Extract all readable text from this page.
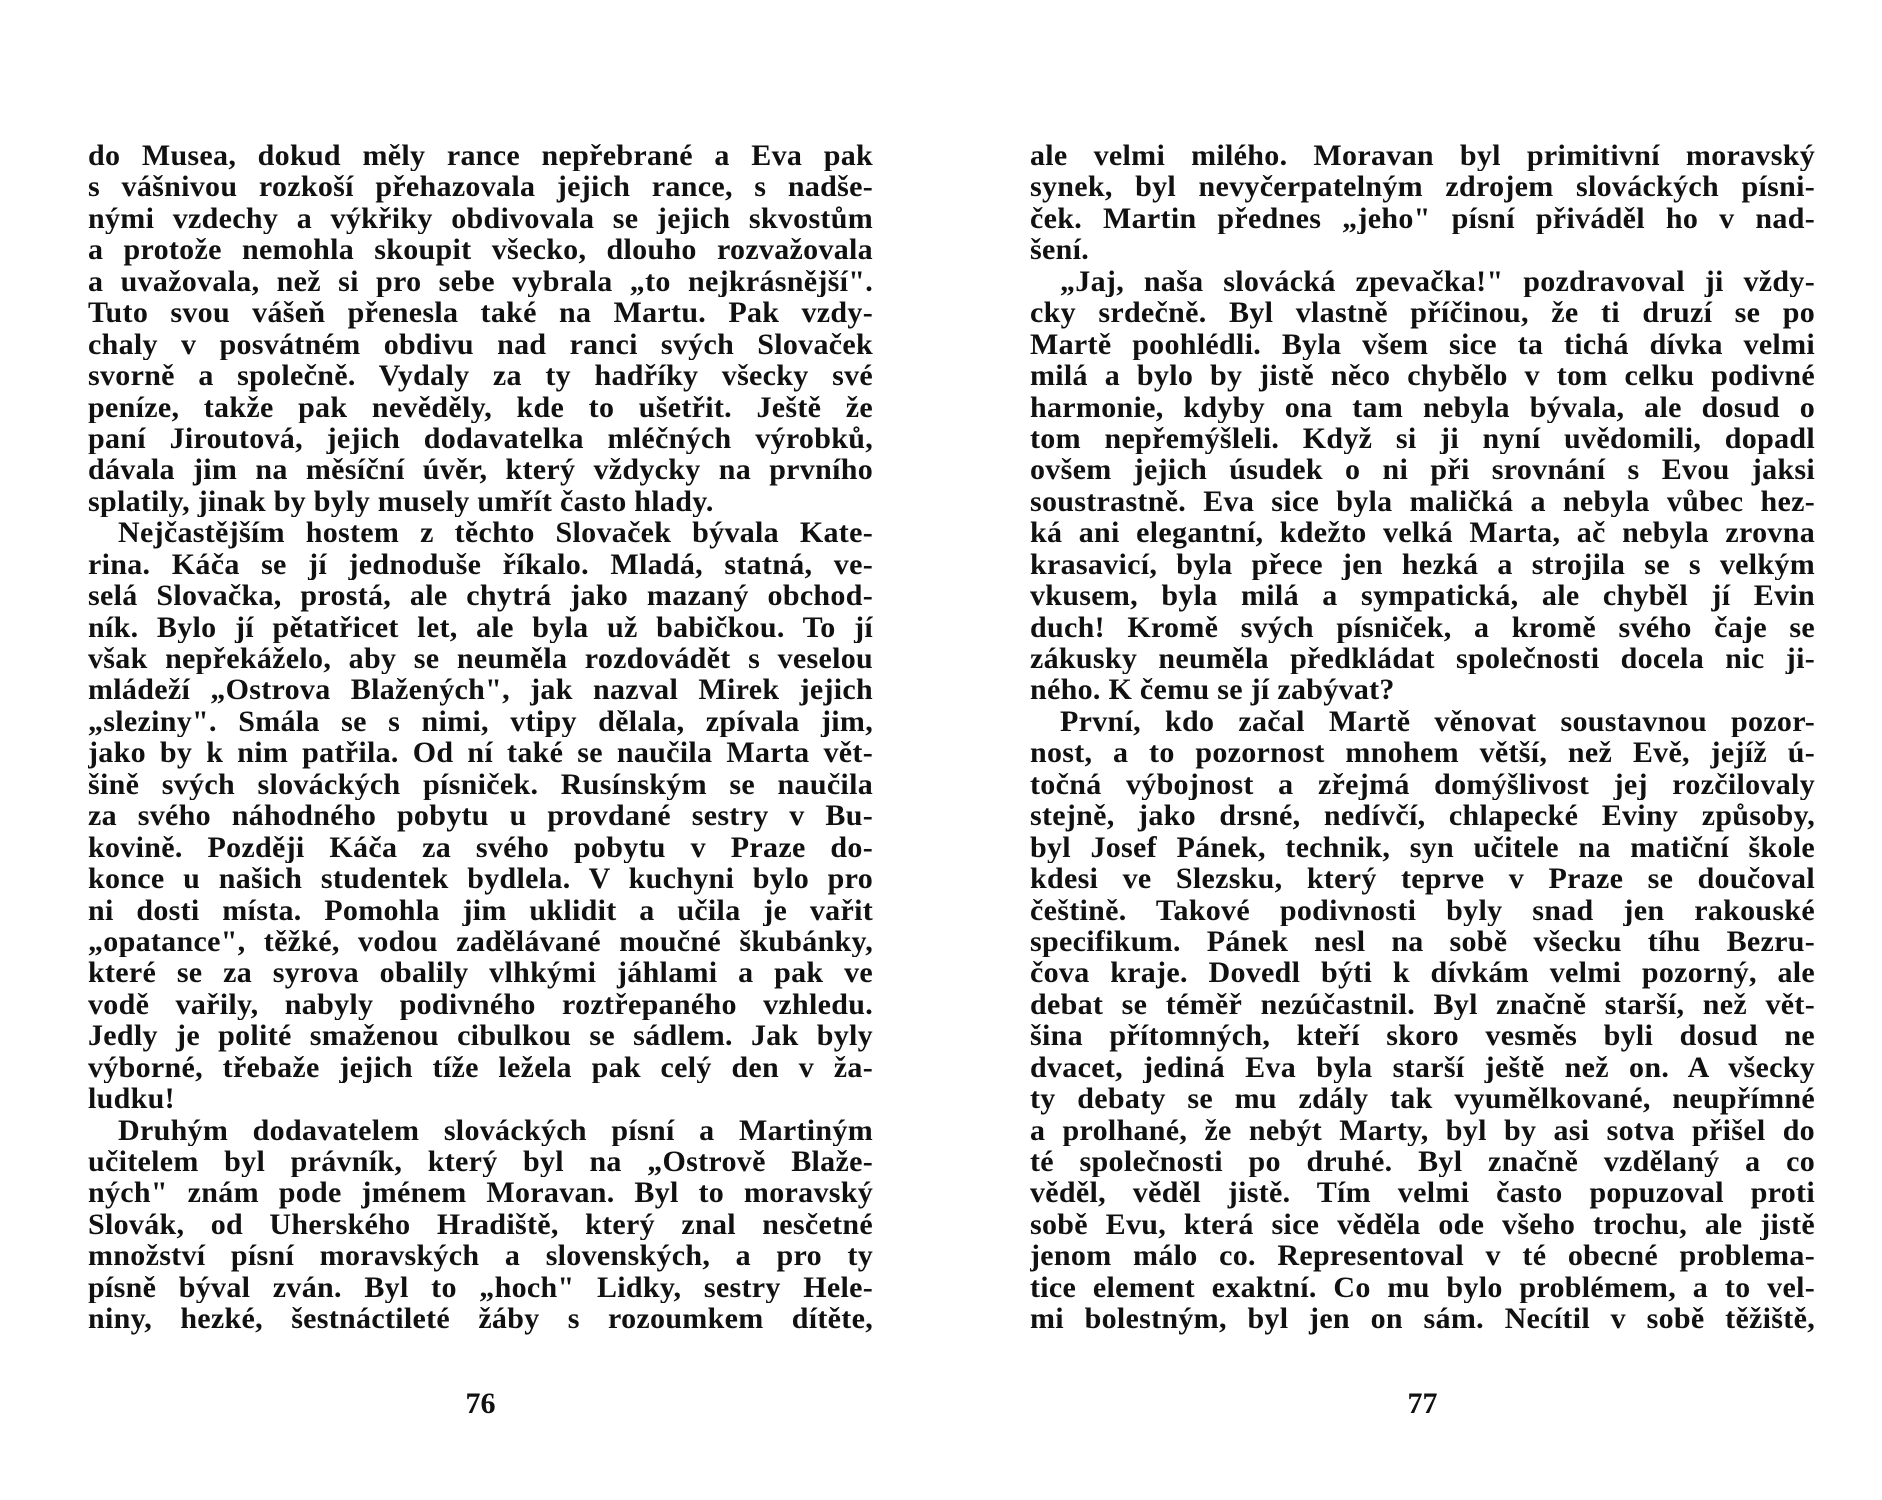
do Musea, dokud měly rance nepřebrané a Eva pak
s vášnivou rozkoší přehazovala jejich rance, s nadše-
nými vzdechy a výkřiky obdivovala se jejich skvostům
a protože nemohla skoupit všecko, dlouho rozvažovala
a uvažovala, než si pro sebe vybrala „to nejkrásnější".
Tuto svou vášeň přenesla také na Martu. Pak vzdy-
chaly v posvátném obdivu nad ranci svých Slovaček
svorně a společně. Vydaly za ty hadříky všecky své
peníze, takže pak nevěděly, kde to ušetřit. Ještě že
paní Jiroutová, jejich dodavatelka mléčných výrobků,
dávala jim na měsíční úvěr, který vždycky na prvního
splatily, jinak by byly musely umřít často hlady.
Nejčastějším hostem z těchto Slovaček bývala Kate-
rina. Káča se jí jednoduše říkalo. Mladá, statná, ve-
selá Slovačka, prostá, ale chytrá jako mazaný obchod-
ník. Bylo jí pětatřicet let, ale byla už babičkou. To jí
však nepřekáželo, aby se neuměla rozdovádět s veselou
mládeží „Ostrova Blažených", jak nazval Mirek jejich
„sleziny". Smála se s nimi, vtipy dělala, zpívala jim,
jako by k nim patřila. Od ní také se naučila Marta vět-
šině svých slováckých písniček. Rusínským se naučila
za svého náhodného pobytu u provdané sestry v Bu-
kovině. Později Káča za svého pobytu v Praze do-
konce u našich studentek bydlela. V kuchyni bylo pro
ni dosti místa. Pomohla jim uklidit a učila je vařit
„opatance", těžké, vodou zadělávané moučné škubánky,
které se za syrova obalily vlhkými jáhlami a pak ve
vodě vařily, nabyly podivného roztřepaného vzhledu.
Jedly je polité smaženou cibulkou se sádlem. Jak byly
výborné, třebaže jejich tíže ležela pak celý den v ža-
ludku!
Druhým dodavatelem slováckých písní a Martiným
učitelem byl právník, který byl na „Ostrově Blaže-
ných" znám pode jménem Moravan. Byl to moravský
Slovák, od Uherského Hradiště, který znal nesčetné
množství písní moravských a slovenských, a pro ty
písně býval zván. Byl to „hoch" Lidky, sestry Hele-
niny, hezké, šestnáctileté žáby s rozoumkem dítěte,
76
ale velmi milého. Moravan byl primitivní moravský
synek, byl nevyčerpatelným zdrojem slováckých písni-
ček. Martin přednes „jeho" písní přiváděl ho v nad-
šení.
„Jaj, naša slovácká zpevačka!" pozdravoval ji vždy-
cky srdečně. Byl vlastně příčinou, že ti druzí se po
Martě poohlédli. Byla všem sice ta tichá dívka velmi
milá a bylo by jistě něco chybělo v tom celku podivné
harmonie, kdyby ona tam nebyla bývala, ale dosud o
tom nepřemýšleli. Když si ji nyní uvědomili, dopadl
ovšem jejich úsudek o ni při srovnání s Evou jaksi
soustrastně. Eva sice byla maličká a nebyla vůbec hez-
ká ani elegantní, kdežto velká Marta, ač nebyla zrovna
krasavicí, byla přece jen hezká a strojila se s velkým
vkusem, byla milá a sympatická, ale chyběl jí Evin
duch! Kromě svých písniček, a kromě svého čaje se
zákusky neuměla předkládat společnosti docela nic ji-
ného. K čemu se jí zabývat?
První, kdo začal Martě věnovat soustavnou pozor-
nost, a to pozornost mnohem větší, než Evě, jejíž ú-
točná výbojnost a zřejmá domýšlivost jej rozčilovaly
stejně, jako drsné, nedívčí, chlapecké Eviny způsoby,
byl Josef Pánek, technik, syn učitele na matiční škole
kdesi ve Slezsku, který teprve v Praze se doučoval
češtině. Takové podivnosti byly snad jen rakouské
specifikum. Pánek nesl na sobě všecku tíhu Bezru-
čova kraje. Dovedl býti k dívkám velmi pozorný, ale
debat se téměř nezúčastnil. Byl značně starší, než vět-
šina přítomných, kteří skoro vesměs byli dosud ne
dvacet, jediná Eva byla starší ještě než on. A všecky
ty debaty se mu zdály tak vyumělkované, neupřímné
a prolhané, že nebýt Marty, byl by asi sotva přišel do
té společnosti po druhé. Byl značně vzdělaný a co
věděl, věděl jistě. Tím velmi často popuzoval proti
sobě Evu, která sice věděla ode všeho trochu, ale jistě
jenom málo co. Representoval v té obecné problema-
tice element exaktní. Co mu bylo problémem, a to vel-
mi bolestným, byl jen on sám. Necítil v sobě těžiště,
77
